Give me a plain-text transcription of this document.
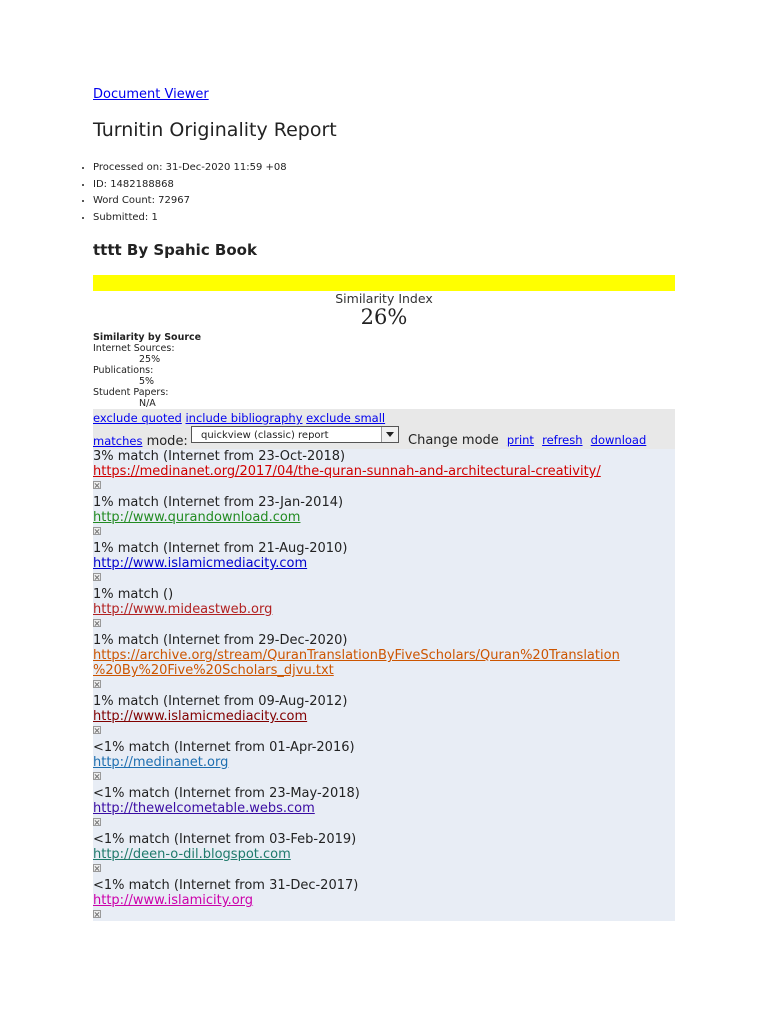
Document Viewer
Turnitin Originality Report
• Processed on: 31-Dec-2020 11:59 +08
• ID: 1482188868
• Word Count: 72967
• Submitted: 1
tttt By Spahic Book
Similarity Index
26%
Similarity by Source
Internet Sources:
25%
Publications:
5%
Student Papers:
N/A
exclude quoted include bibliography exclude small
matches mode:	quickview (classic) report	Change mode print refresh download
3% match (Internet from 23-Oct-2018)
https://medinanet.org/2017/04/the-quran-sunnah-and-architectural-creativity/
1% match (Internet from 23-Jan-2014)
http://www.qurandownload.com
1% match (Internet from 21-Aug-2010)
http://www.islamicmediacity.com
1% match ()
http://www.mideastweb.org
1% match (Internet from 29-Dec-2020)
https://archive.org/stream/QuranTranslationByFiveScholars/Quran%20Translation
%20By%20Five%20Scholars_djvu.txt
1% match (Internet from 09-Aug-2012)
http://www.islamicmediacity.com
<1% match (Internet from 01-Apr-2016)
http://medinanet.org
<1% match (Internet from 23-May-2018)
http://thewelcometable.webs.com
<1% match (Internet from 03-Feb-2019)
http://deen-o-dil.blogspot.com
<1% match (Internet from 31-Dec-2017)
http://www.islamicity.org
